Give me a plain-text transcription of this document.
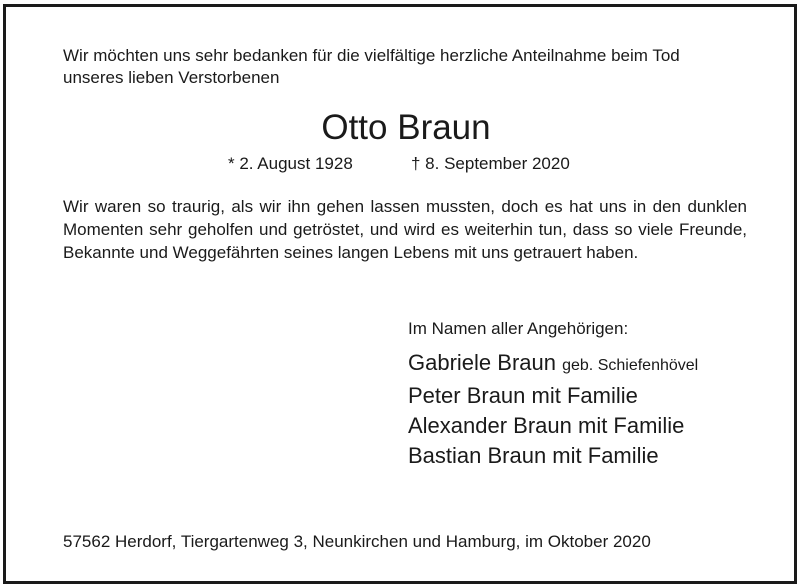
Wir möchten uns sehr bedanken für die vielfältige herzliche Anteilnahme beim Tod

unseres lieben Verstorbenen

Otto Braun
* 2. August 1928	† 8. September 2020

Wir waren so traurig, als wir ihn gehen lassen mussten, doch es hat uns in den dunklen Momenten sehr geholfen und getröstet, und wird es weiterhin tun, dass so viele Freunde, Bekannte und Weggefährten seines langen Lebens mit uns getrauert haben.

Im Namen aller Angehörigen:

Gabriele Braun geb. Schiefenhövel
Peter Braun mit Familie
Alexander Braun mit Familie
Bastian Braun mit Familie

57562 Herdorf, Tiergartenweg 3, Neunkirchen und Hamburg, im Oktober 2020
